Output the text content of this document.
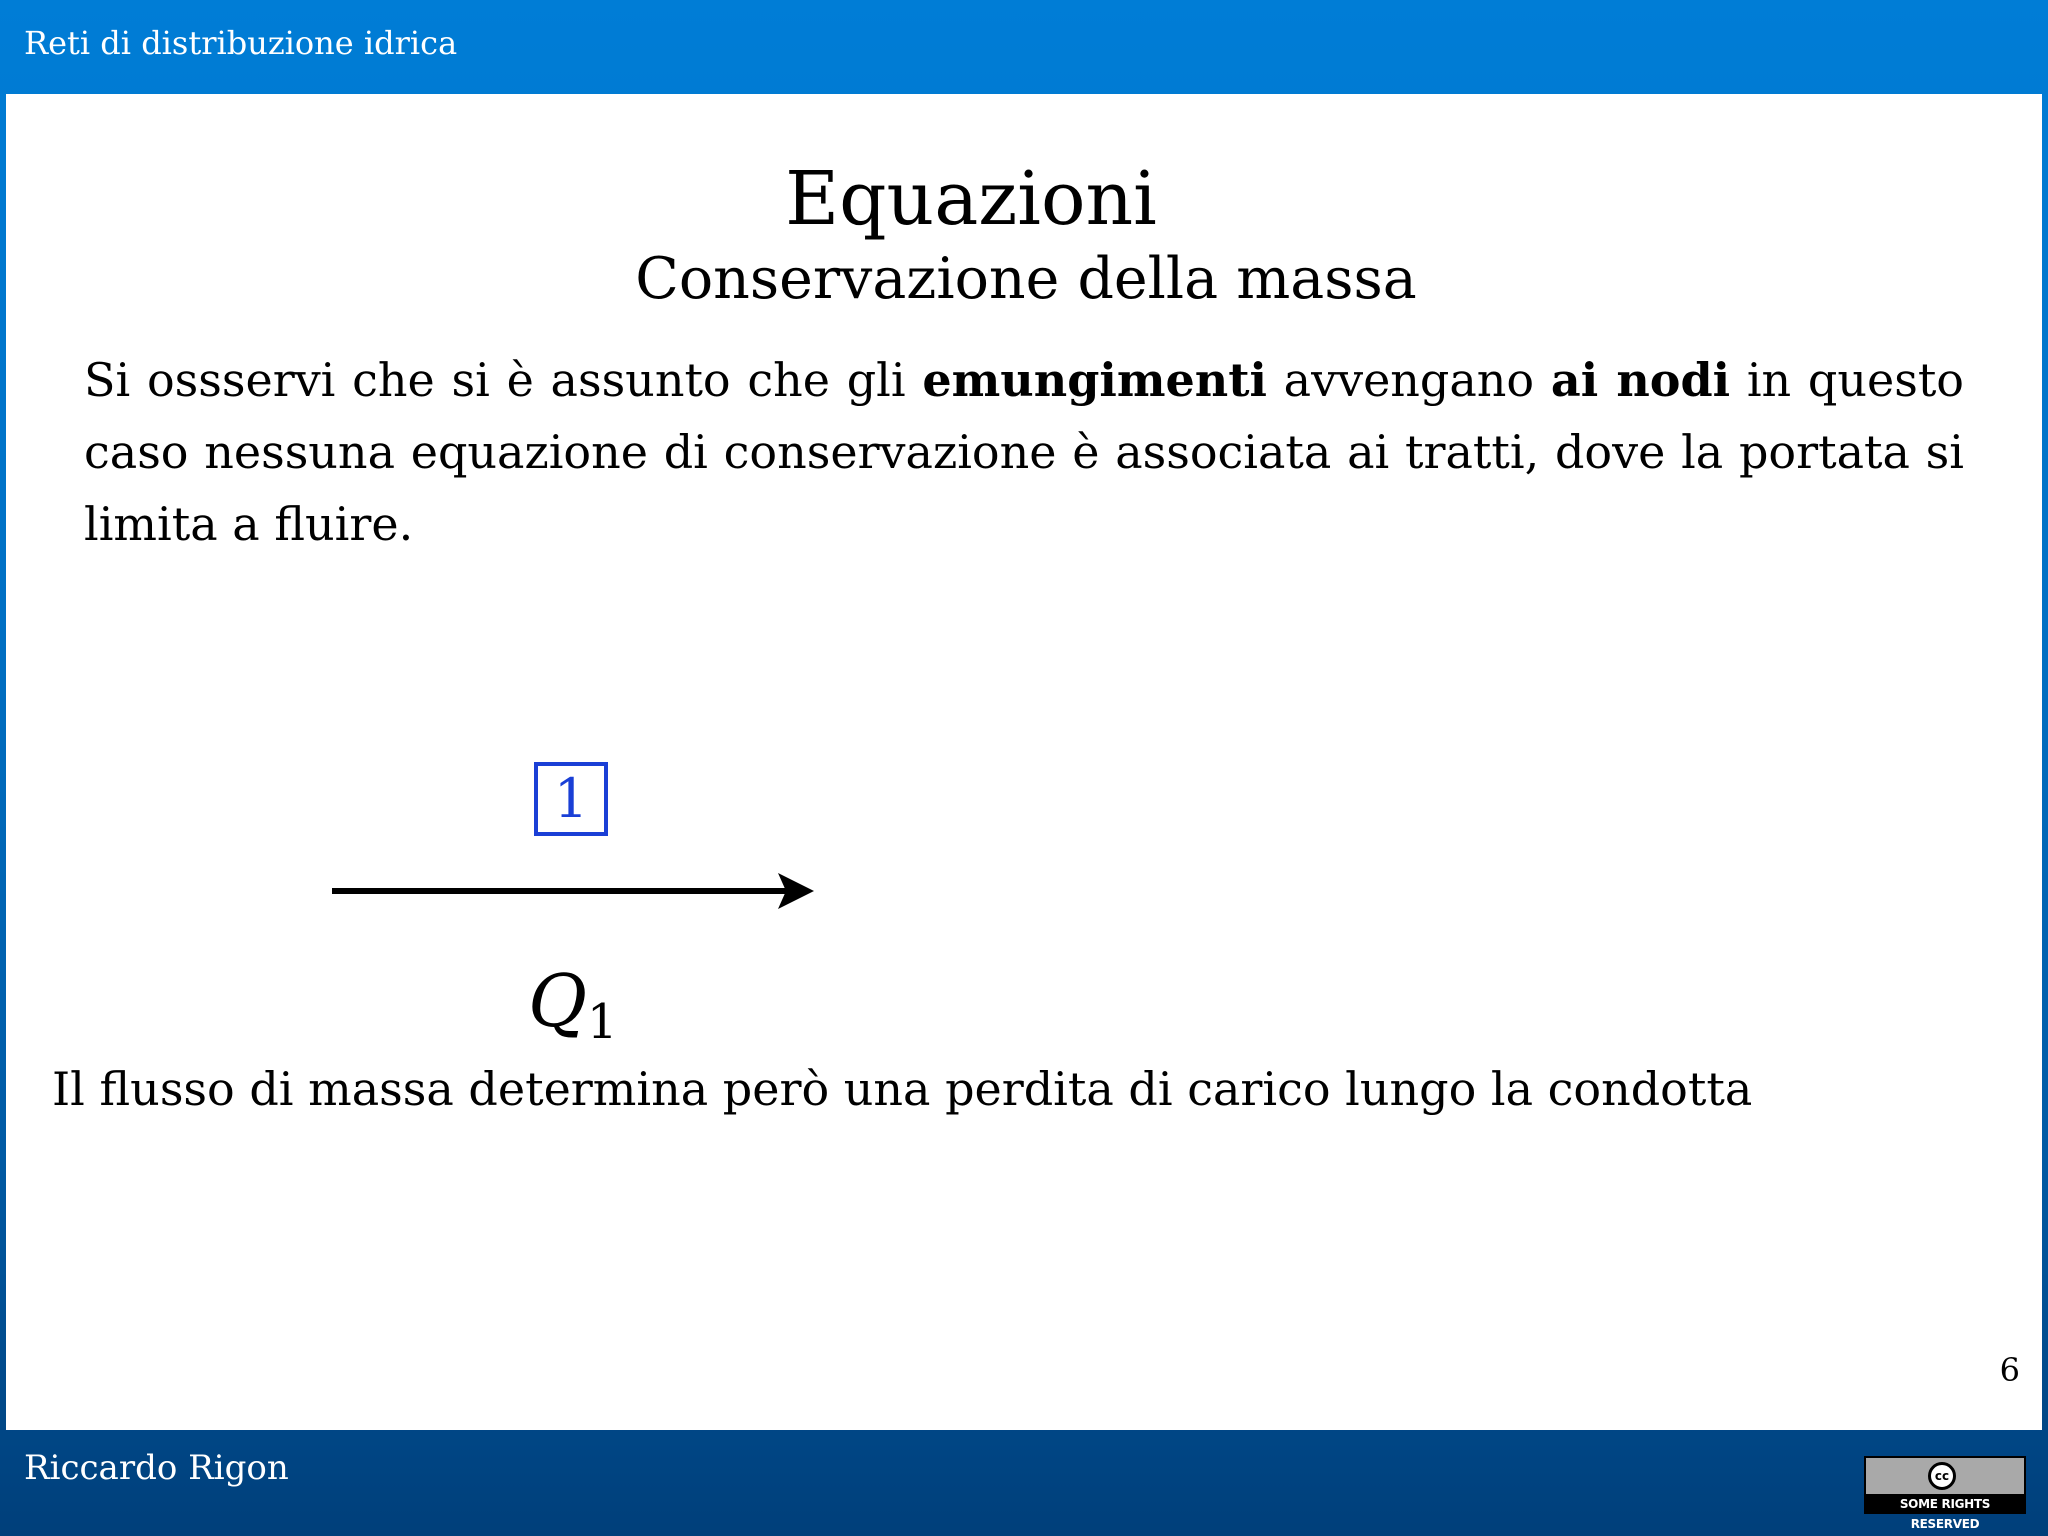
Reti di distribuzione idrica
Equazioni
Conservazione della massa
Si ossservi che si è assunto che gli emungimenti avvengano ai nodi in questo caso nessuna equazione di conservazione è associata ai tratti, dove la portata si limita a fluire.
1
Q1
Il flusso di massa determina però una perdita di carico lungo la condotta
6
Riccardo Rigon	cc
SOME RIGHTS RESERVED
